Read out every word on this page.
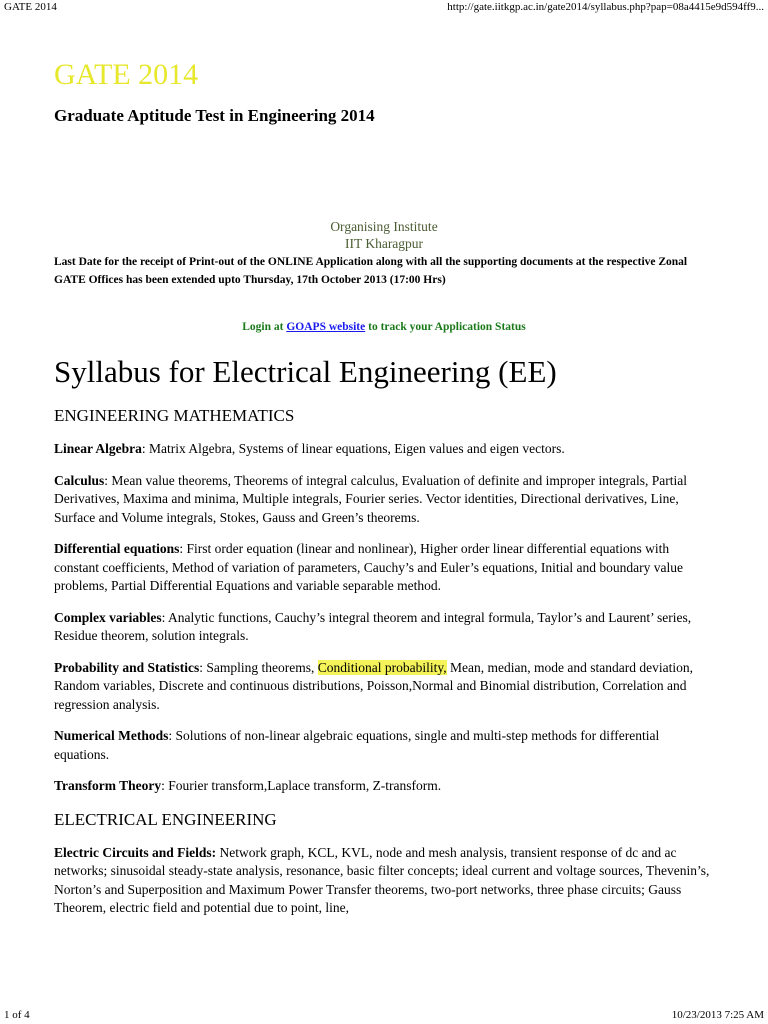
GATE 2014	http://gate.iitkgp.ac.in/gate2014/syllabus.php?pap=08a4415e9d594ff9...
GATE 2014
Graduate Aptitude Test in Engineering 2014
Organising Institute
IIT Kharagpur

Last Date for the receipt of Print-out of the ONLINE Application along with all the supporting documents at the respective Zonal GATE Offices has been extended upto Thursday, 17th October 2013 (17:00 Hrs)

Login at GOAPS website to track your Application Status

Syllabus for Electrical Engineering (EE)
ENGINEERING MATHEMATICS

Linear Algebra: Matrix Algebra, Systems of linear equations, Eigen values and eigen vectors.

Calculus: Mean value theorems, Theorems of integral calculus, Evaluation of definite and improper integrals, Partial Derivatives, Maxima and minima, Multiple integrals, Fourier series. Vector identities, Directional derivatives, Line, Surface and Volume integrals, Stokes, Gauss and Green’s theorems.

Differential equations: First order equation (linear and nonlinear), Higher order linear differential equations with constant coefficients, Method of variation of parameters, Cauchy’s and Euler’s equations, Initial and boundary value problems, Partial Differential Equations and variable separable method.

Complex variables: Analytic functions, Cauchy’s integral theorem and integral formula, Taylor’s and Laurent’ series, Residue theorem, solution integrals.

Probability and Statistics: Sampling theorems, Conditional probability, Mean, median, mode and standard deviation, Random variables, Discrete and continuous distributions, Poisson,Normal and Binomial distribution, Correlation and regression analysis.

Numerical Methods: Solutions of non-linear algebraic equations, single and multi-step methods for differential equations.

Transform Theory: Fourier transform,Laplace transform, Z-transform.

ELECTRICAL ENGINEERING

Electric Circuits and Fields: Network graph, KCL, KVL, node and mesh analysis, transient response of dc and ac networks; sinusoidal steady-state analysis, resonance, basic filter concepts; ideal current and voltage sources, Thevenin’s, Norton’s and Superposition and Maximum Power Transfer theorems, two-port networks, three phase circuits; Gauss Theorem, electric field and potential due to point, line,

1 of 4	10/23/2013 7:25 AM
